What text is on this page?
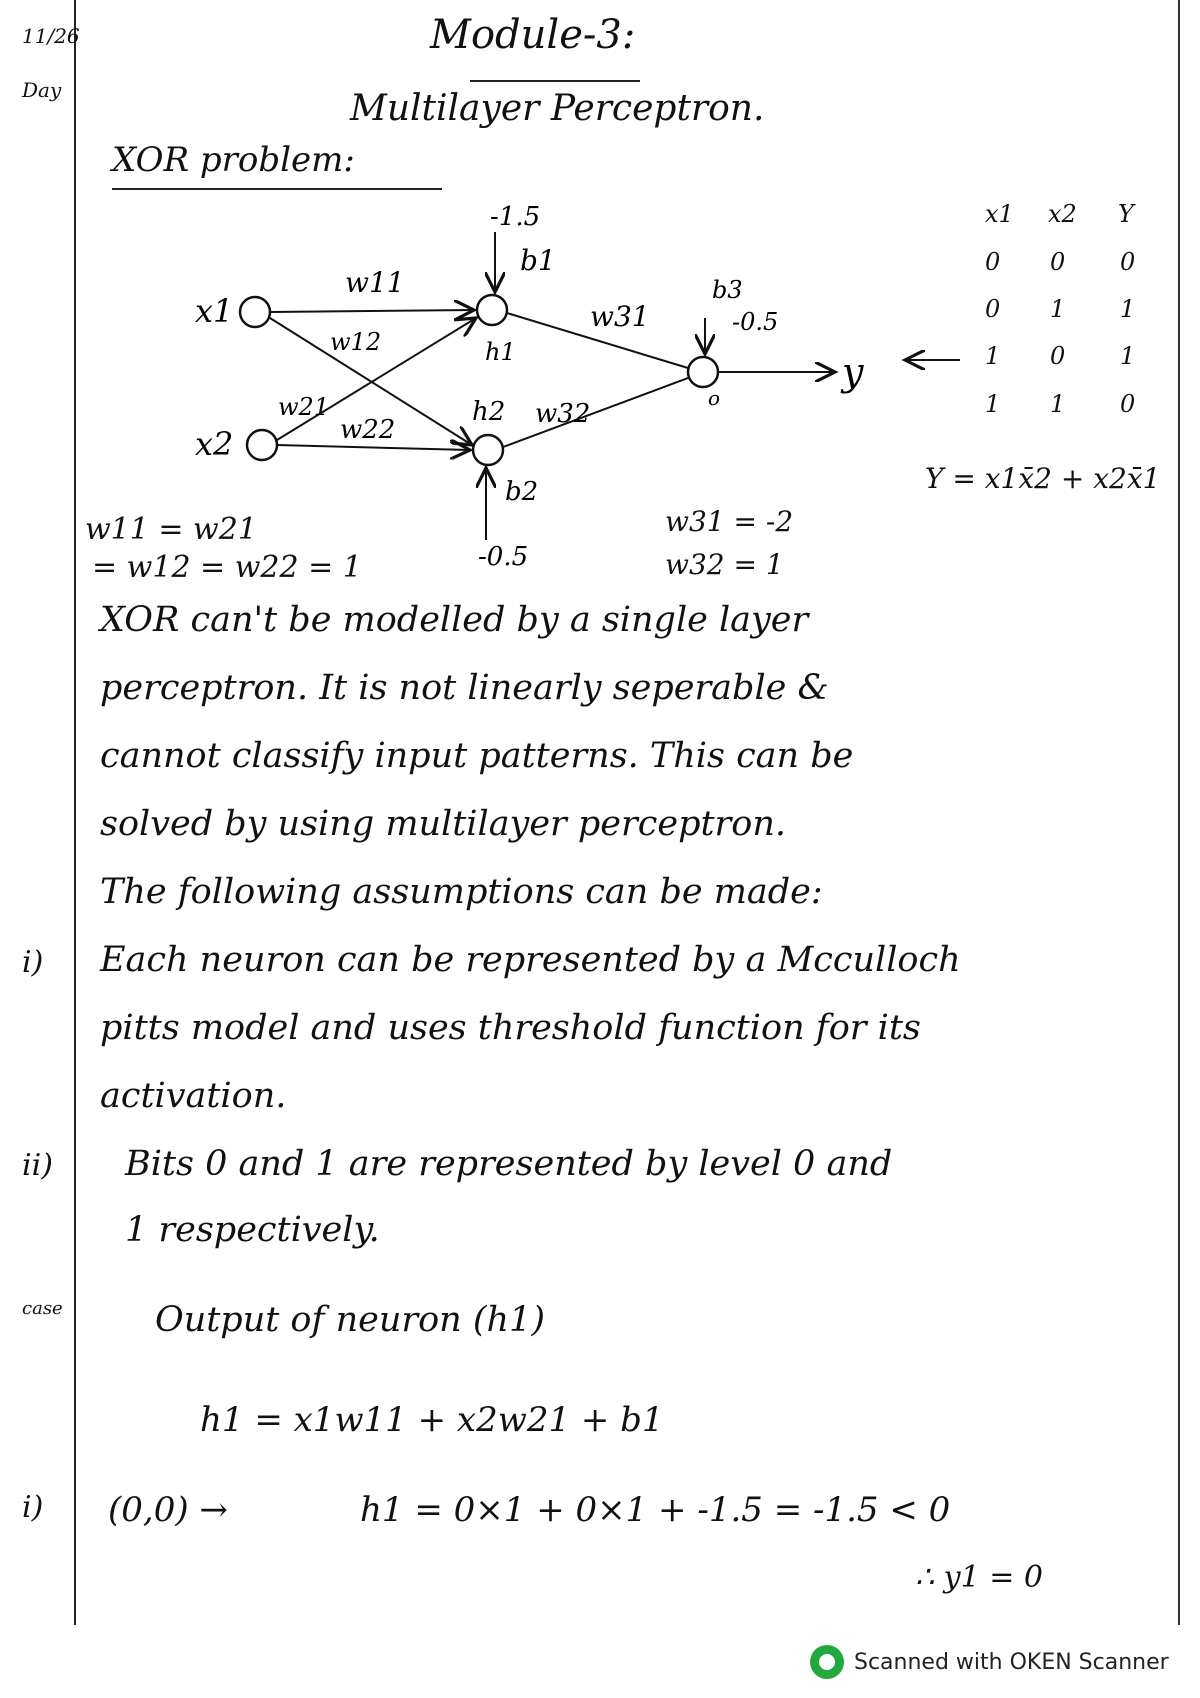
11/26
Day
Module-3:
Multilayer Perceptron.
XOR problem:
x1
x2
w11
w12
w21
w22
w31
w32
-1.5
b1
h1
h2
b2
-0.5
b3
-0.5
o
y
x1 x2 Y
0 0 0
0 1 1
1 0 1
1 1 0
Y = x1x̄2 + x2x̄1
w11 = w21
= w12 = w22 = 1
w31 = -2
w32 = 1
XOR can't be modelled by a single layer
perceptron. It is not linearly seperable &
cannot classify input patterns. This can be
solved by using multilayer perceptron.
The following assumptions can be made:
i) Each neuron can be represented by a Mcculloch
pitts model and uses threshold function for its
activation.
ii) Bits 0 and 1 are represented by level 0 and
1 respectively.
case	Output of neuron (h1)
h1 = x1w11 + x2w21 + b1
i) (0,0) →	h1 = 0×1 + 0×1 + -1.5 = -1.5 < 0
∴ y1 = 0
Scanned with OKEN Scanner
